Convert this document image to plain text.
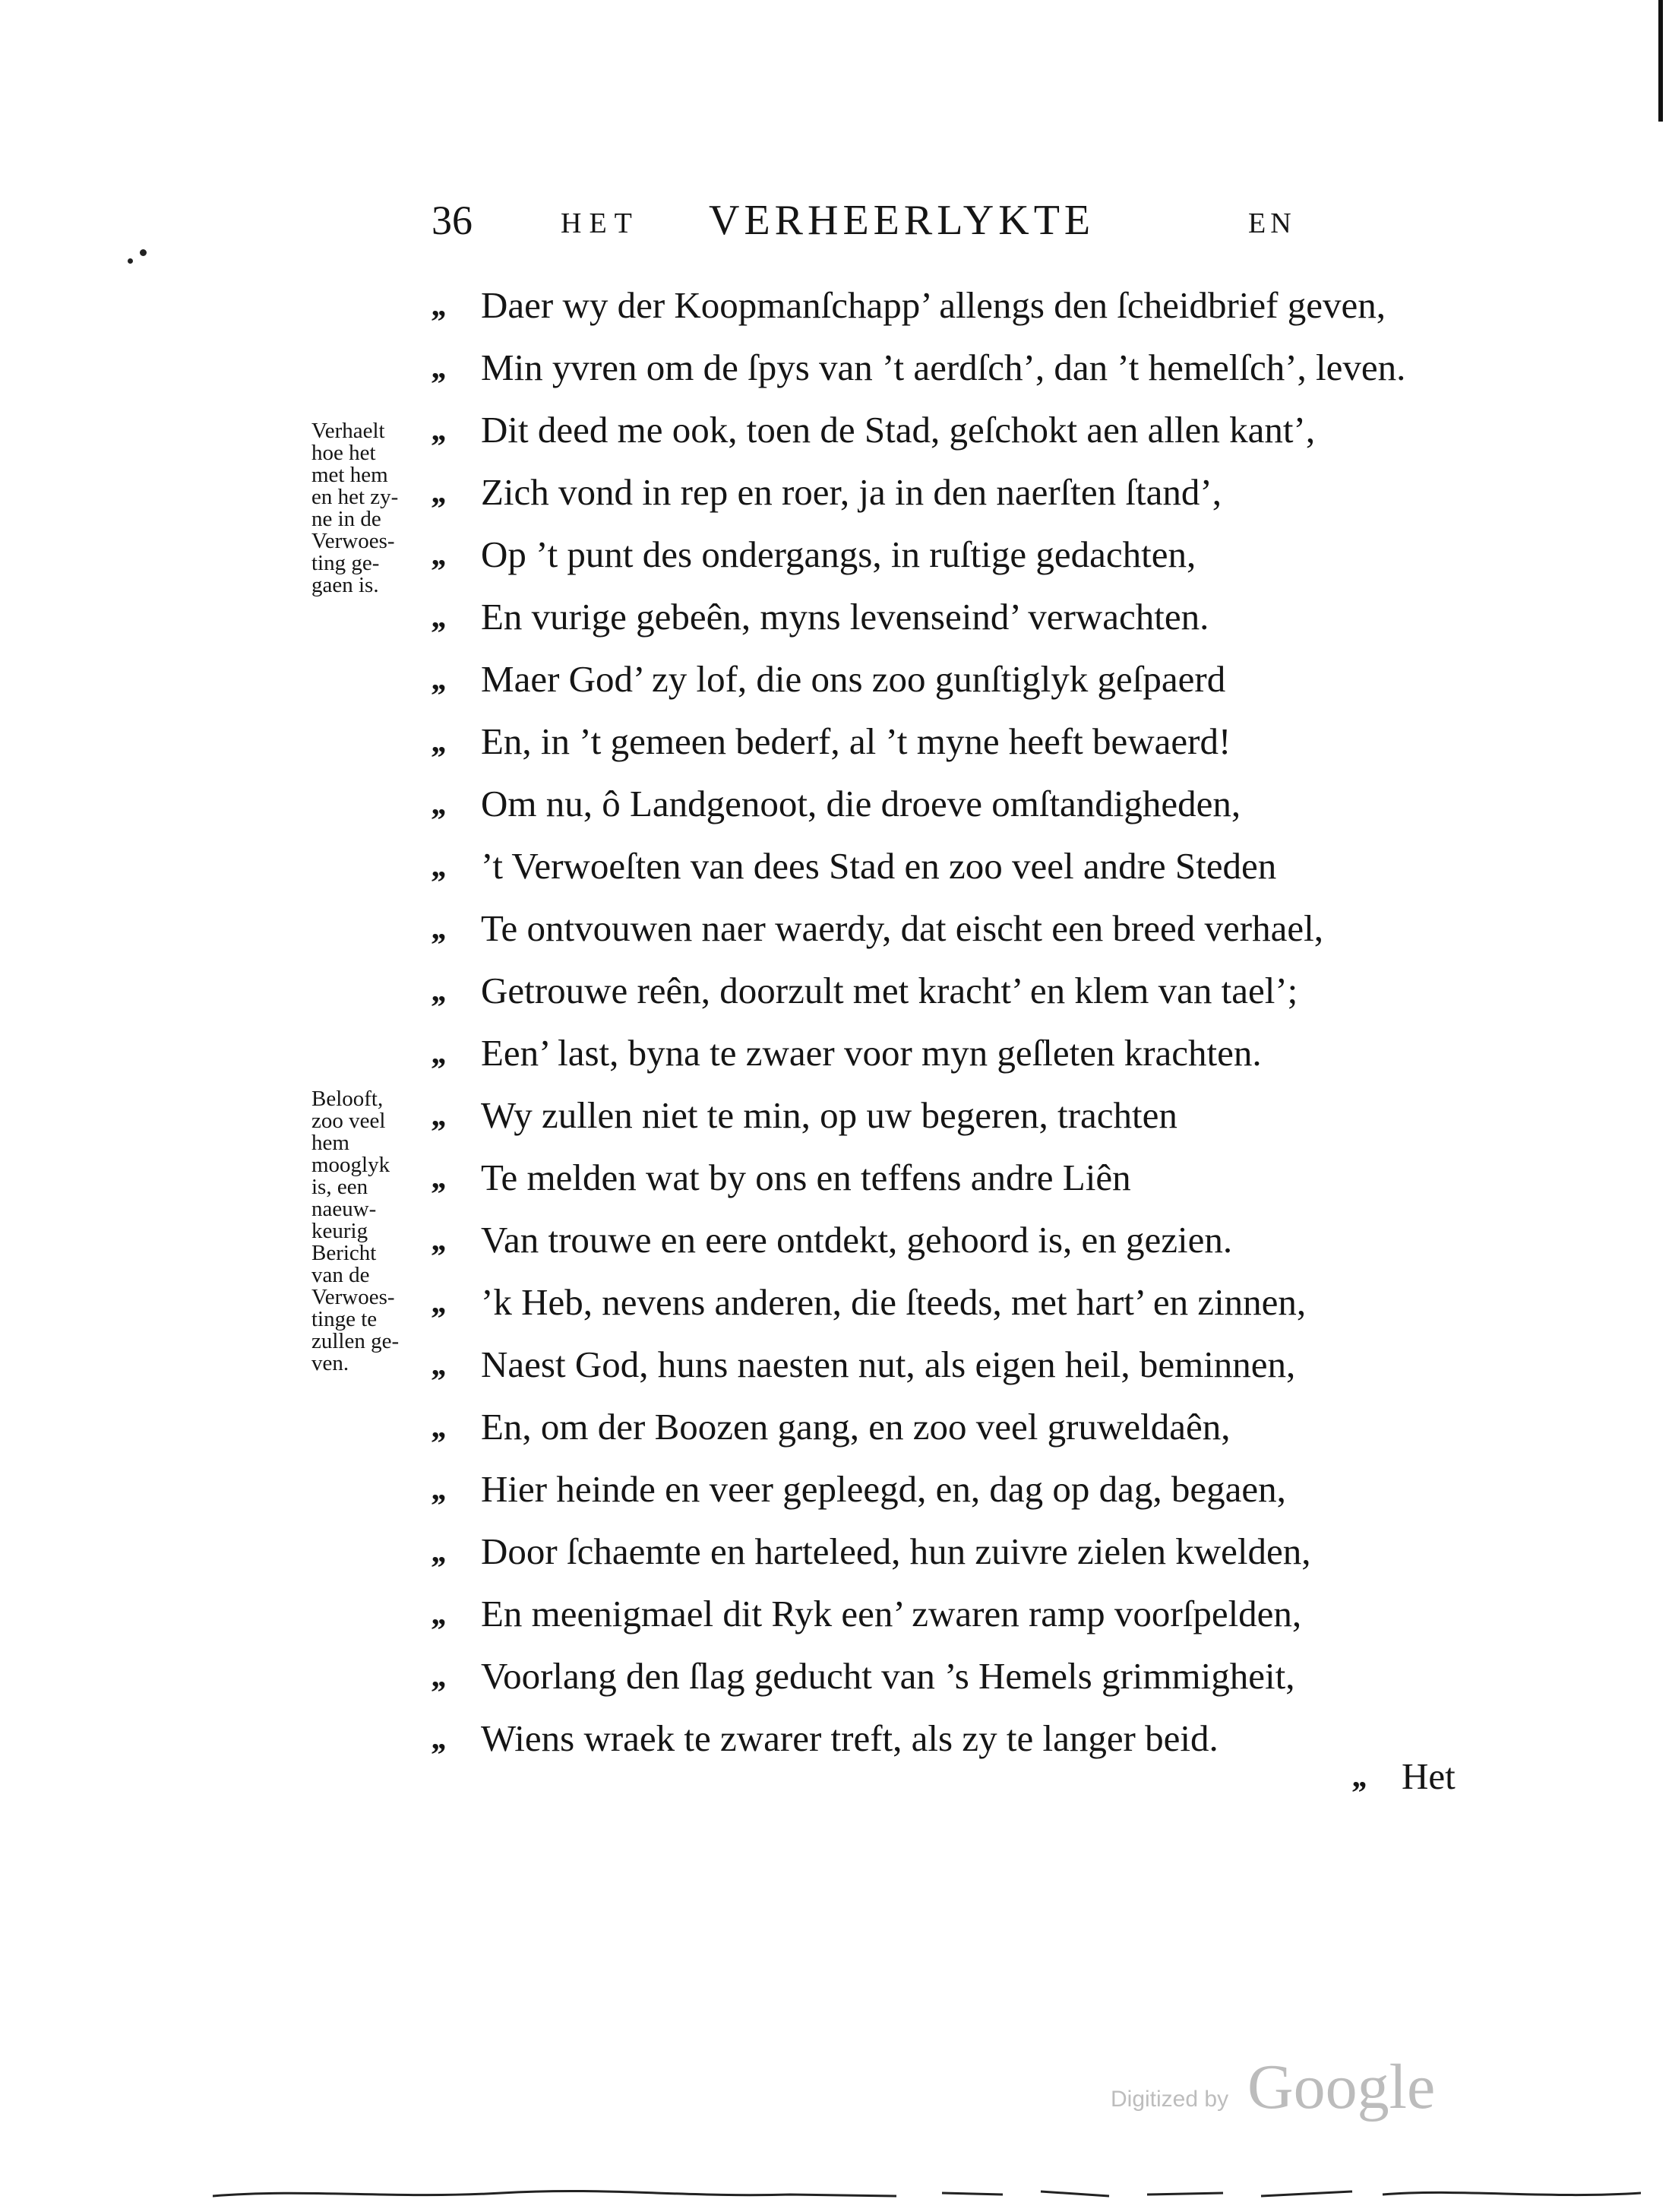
36	HET VERHEERLYKTE	EN
,, Daer wy der Koopmanſchapp’ allengs den ſcheidbrief geven,
,, Min yvren om de ſpys van ’t aerdſch’, dan ’t hemelſch’, leven.
,, Dit deed me ook, toen de Stad, geſchokt aen allen kant’,
,, Zich vond in rep en roer, ja in den naerſten ſtand’,
,, Op ’t punt des ondergangs, in ruſtige gedachten,
,, En vurige gebeên, myns levenseind’ verwachten.
,, Maer God’ zy lof, die ons zoo gunſtiglyk geſpaerd
,, En, in ’t gemeen bederf, al ’t myne heeft bewaerd!
,, Om nu, ô Landgenoot, die droeve omſtandigheden,
,, ’t Verwoeſten van dees Stad en zoo veel andre Steden
,, Te ontvouwen naer waerdy, dat eischt een breed verhael,
,, Getrouwe reên, doorzult met kracht’ en klem van tael’;
,, Een’ last, byna te zwaer voor myn geſleten krachten.
,, Wy zullen niet te min, op uw begeren, trachten
,, Te melden wat by ons en teffens andre Liên
,, Van trouwe en eere ontdekt, gehoord is, en gezien.
,, ’k Heb, nevens anderen, die ſteeds, met hart’ en zinnen,
,, Naest God, huns naesten nut, als eigen heil, beminnen,
,, En, om der Boozen gang, en zoo veel gruweldaên,
,, Hier heinde en veer gepleegd, en, dag op dag, begaen,
,, Door ſchaemte en harteleed, hun zuivre zielen kwelden,
,, En meenigmael dit Ryk een’ zwaren ramp voorſpelden,
,, Voorlang den ſlag geducht van ’s Hemels grimmigheit,
,, Wiens wraek te zwarer treft, als zy te langer beid.
,, Het
Verhaelt
hoe het
met hem
en het zy-
ne in de
Verwoes-
ting ge-
gaen is.
Belooft,
zoo veel
hem
mooglyk
is, een
naeuw-
keurig
Bericht
van de
Verwoes-
tinge te
zullen ge-
ven.
Digitized by Google
